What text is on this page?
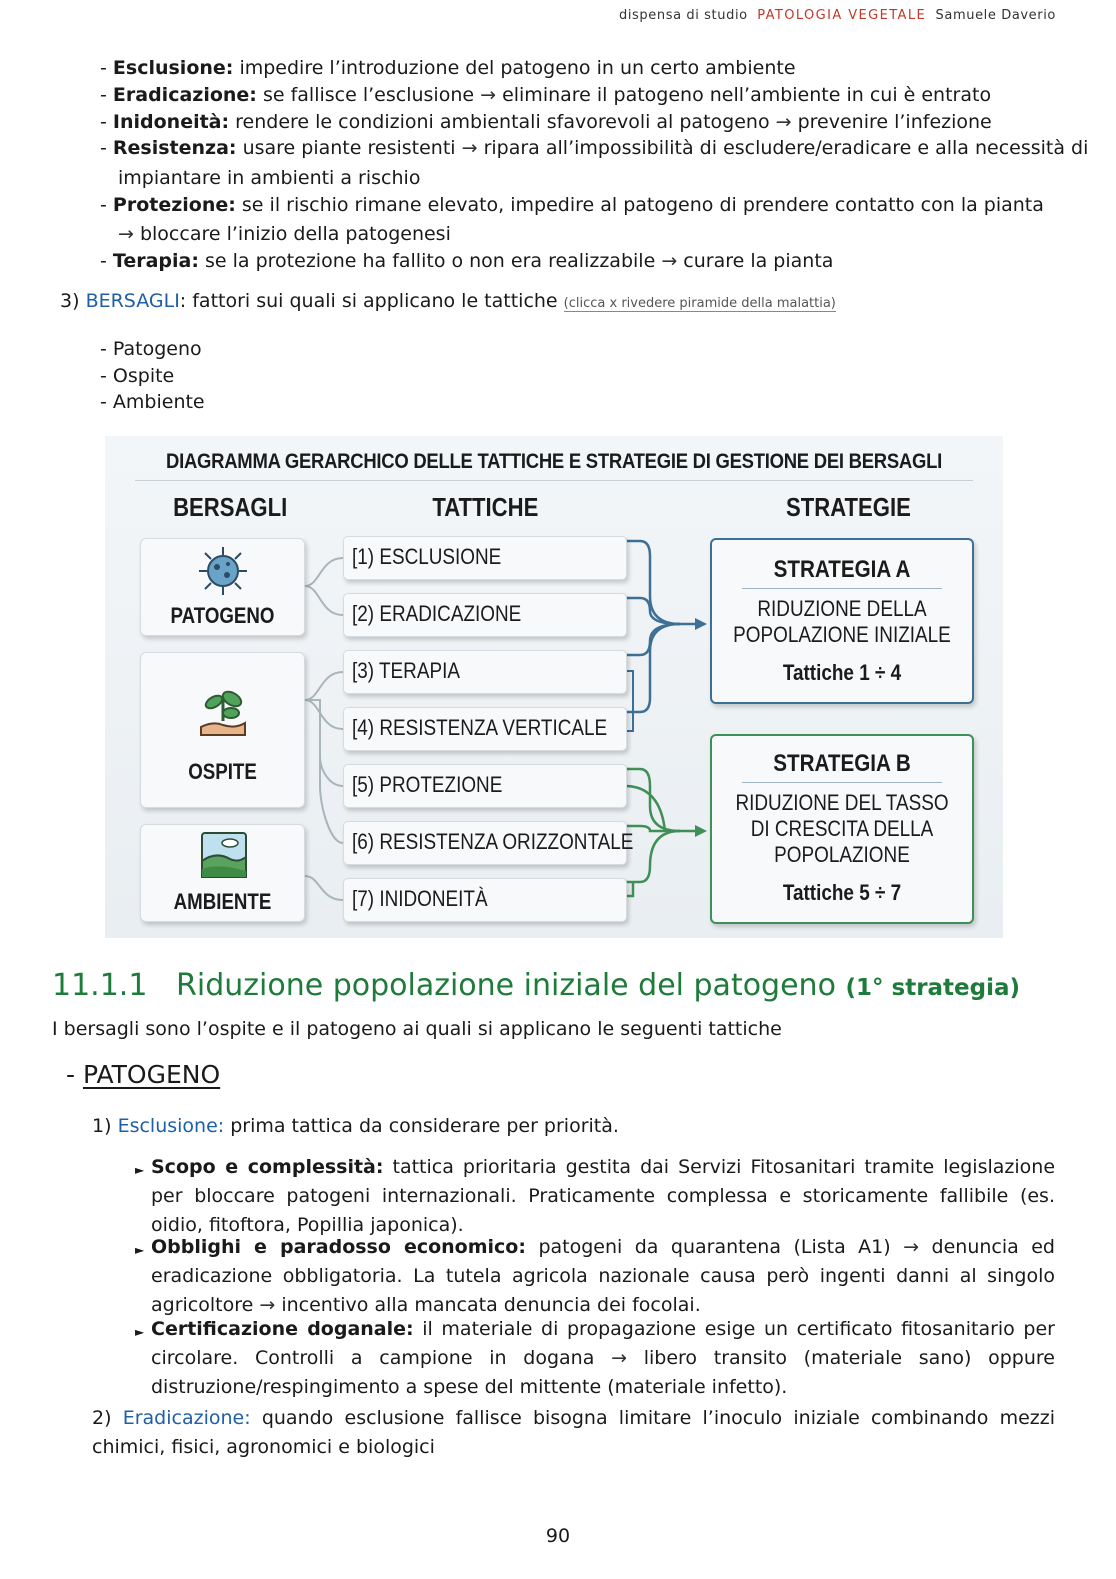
dispensa di studio PATOLOGIA VEGETALE Samuele Daverio
- Esclusione: impedire l’introduzione del patogeno in un certo ambiente
- Eradicazione: se fallisce l’esclusione → eliminare il patogeno nell’ambiente in cui è entrato
- Inidoneità: rendere le condizioni ambientali sfavorevoli al patogeno → prevenire l’infezione
- Resistenza: usare piante resistenti → ripara all’impossibilità di escludere/eradicare e alla necessità di
impiantare in ambienti a rischio
- Protezione: se il rischio rimane elevato, impedire al patogeno di prendere contatto con la pianta
→ bloccare l’inizio della patogenesi
- Terapia: se la protezione ha fallito o non era realizzabile → curare la pianta
3) BERSAGLI: fattori sui quali si applicano le tattiche (clicca x rivedere piramide della malattia)
- Patogeno
- Ospite
- Ambiente
DIAGRAMMA GERARCHICO DELLE TATTICHE E STRATEGIE DI GESTIONE DEI BERSAGLI
BERSAGLI	TATTICHE	STRATEGIE
PATOGENO
OSPITE
AMBIENTE
[1) ESCLUSIONE
[2) ERADICAZIONE
[3) TERAPIA
[4) RESISTENZA VERTICALE
[5) PROTEZIONE
[6) RESISTENZA ORIZZONTALE
[7) INIDONEITÀ
STRATEGIA A
RIDUZIONE DELLA
POPOLAZIONE INIZIALE
Tattiche 1 ÷ 4
STRATEGIA B
RIDUZIONE DEL TASSO
DI CRESCITA DELLA
POPOLAZIONE
Tattiche 5 ÷ 7
11.1.1 Riduzione popolazione iniziale del patogeno (1° strategia)
I bersagli sono l’ospite e il patogeno ai quali si applicano le seguenti tattiche
- PATOGENO
1) Esclusione: prima tattica da considerare per priorità.
► Scopo e complessità: tattica prioritaria gestita dai Servizi Fitosanitari tramite legislazione per bloccare patogeni internazionali. Praticamente complessa e storicamente fallibile (es. oidio, fitoftora, Popillia japonica).
► Obblighi e paradosso economico: patogeni da quarantena (Lista A1) → denuncia ed eradicazione obbligatoria. La tutela agricola nazionale causa però ingenti danni al singolo agricoltore → incentivo alla mancata denuncia dei focolai.
► Certificazione doganale: il materiale di propagazione esige un certificato fitosanitario per circolare. Controlli a campione in dogana → libero transito (materiale sano) oppure distruzione/respingimento a spese del mittente (materiale infetto).
2) Eradicazione: quando esclusione fallisce bisogna limitare l’inoculo iniziale combinando mezzi chimici, fisici, agronomici e biologici
90
